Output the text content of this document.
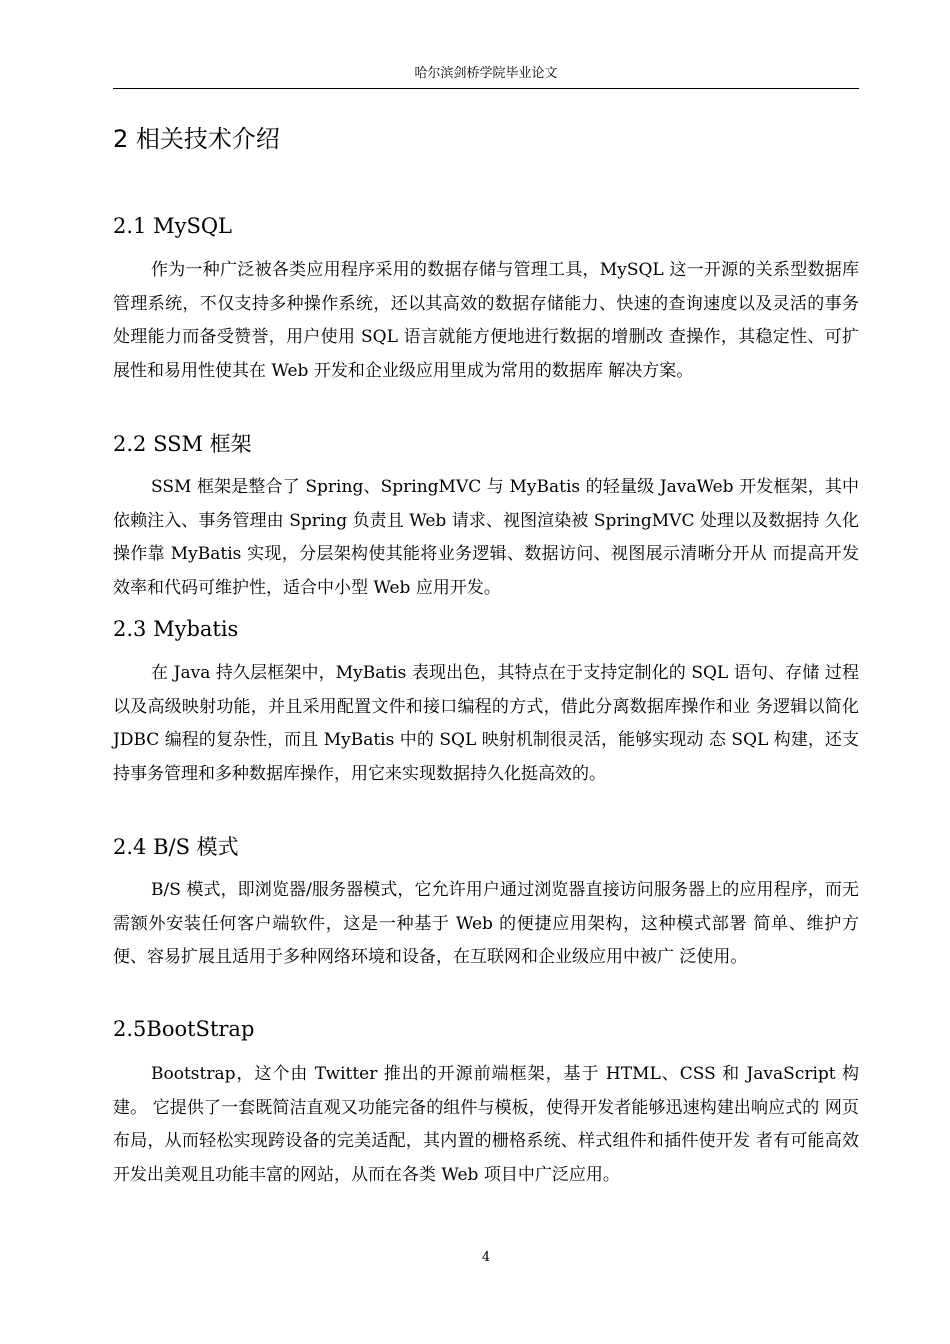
哈尔滨剑桥学院毕业论文
2 相关技术介绍
2.1 MySQL

作为一种广泛被各类应用程序采用的数据存储与管理工具，MySQL 这一开源的关系型数据库管理系统，不仅支持多种操作系统，还以其高效的数据存储能力、快速的查询速度以及灵活的事务处理能力而备受赞誉，用户使用 SQL 语言就能方便地进行数据的增删改 查操作，其稳定性、可扩展性和易用性使其在 Web 开发和企业级应用里成为常用的数据库 解决方案。

2.2 SSM 框架

SSM 框架是整合了 Spring、SpringMVC 与 MyBatis 的轻量级 JavaWeb 开发框架，其中 依赖注入、事务管理由 Spring 负责且 Web 请求、视图渲染被 SpringMVC 处理以及数据持 久化操作靠 MyBatis 实现，分层架构使其能将业务逻辑、数据访问、视图展示清晰分开从 而提高开发效率和代码可维护性，适合中小型 Web 应用开发。

2.3 Mybatis

在 Java 持久层框架中，MyBatis 表现出色，其特点在于支持定制化的 SQL 语句、存储 过程以及高级映射功能，并且采用配置文件和接口编程的方式，借此分离数据库操作和业 务逻辑以简化 JDBC 编程的复杂性，而且 MyBatis 中的 SQL 映射机制很灵活，能够实现动 态 SQL 构建，还支持事务管理和多种数据库操作，用它来实现数据持久化挺高效的。

2.4 B/S 模式

B/S 模式，即浏览器/服务器模式，它允许用户通过浏览器直接访问服务器上的应用程序，而无需额外安装任何客户端软件，这是一种基于 Web 的便捷应用架构，这种模式部署 简单、维护方便、容易扩展且适用于多种网络环境和设备，在互联网和企业级应用中被广 泛使用。

2.5BootStrap

Bootstrap，这个由 Twitter 推出的开源前端框架，基于 HTML、CSS 和 JavaScript 构建。 它提供了一套既简洁直观又功能完备的组件与模板，使得开发者能够迅速构建出响应式的 网页布局，从而轻松实现跨设备的完美适配，其内置的栅格系统、样式组件和插件使开发 者有可能高效开发出美观且功能丰富的网站，从而在各类 Web 项目中广泛应用。

4
